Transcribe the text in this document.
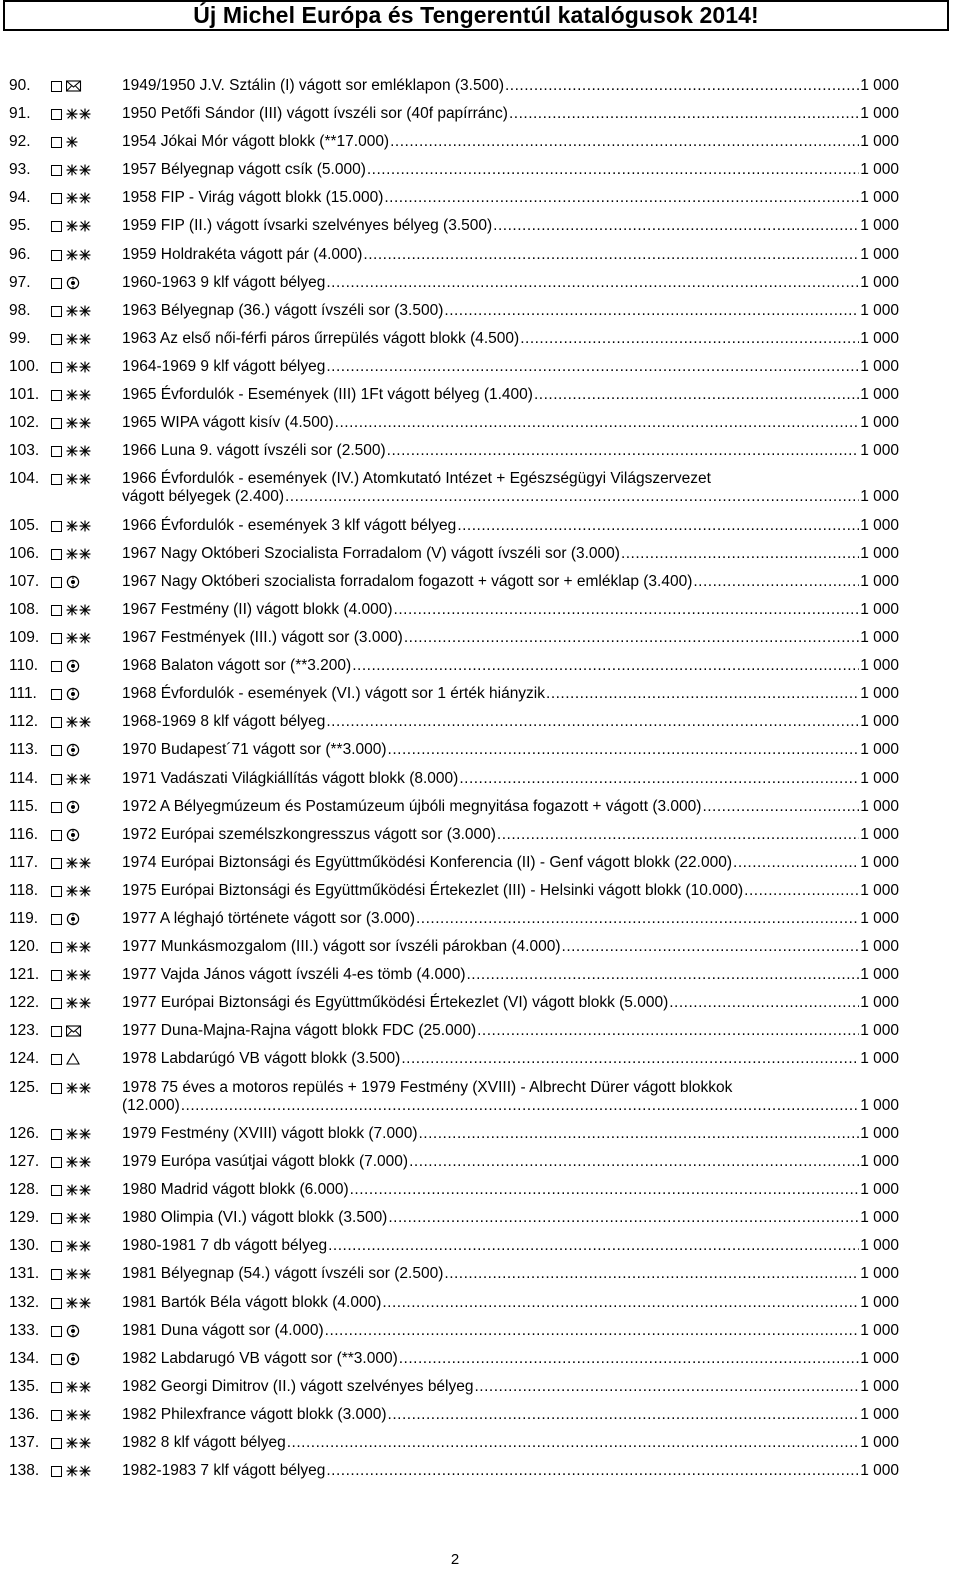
Új Michel Európa és Tengerentúl katalógusok 2014!
90.	1949/1950 J.V. Sztálin (I) vágott sor emléklapon (3.500) .....	1 000
91.	1950 Petőfi Sándor (III) vágott ívszéli sor (40f papírránc) .....	1 000
92.	1954 Jókai Mór vágott blokk (**17.000) .....	1 000
93.	1957 Bélyegnap vágott csík (5.000) .....	1 000
94.	1958 FIP - Virág vágott blokk (15.000) .....	1 000
95.	1959 FIP (II.) vágott ívsarki szelvényes bélyeg (3.500) .....	1 000
96.	1959 Holdrakéta vágott pár (4.000) .....	1 000
97.	1960-1963 9 klf vágott bélyeg .....	1 000
98.	1963 Bélyegnap (36.) vágott ívszéli sor (3.500) .....	1 000
99.	1963 Az első női-férfi páros űrrepülés vágott blokk (4.500) .....	1 000
100.	1964-1969 9 klf vágott bélyeg .....	1 000
101.	1965 Évfordulók - Események (III) 1Ft vágott bélyeg (1.400) .....	1 000
102.	1965 WIPA vágott kisív (4.500) .....	1 000
103.	1966 Luna 9. vágott ívszéli sor (2.500) .....	1 000
104.	1966 Évfordulók - események (IV.) Atomkutató Intézet + Egészségügyi Világszervezet
vágott bélyegek (2.400) .....	1 000
105.	1966 Évfordulók - események 3 klf vágott bélyeg .....	1 000
106.	1967 Nagy Októberi Szocialista Forradalom (V) vágott ívszéli sor (3.000) .....	1 000
107.	1967 Nagy Októberi szocialista forradalom fogazott + vágott sor + emléklap (3.400) .....	1 000
108.	1967 Festmény (II) vágott blokk (4.000) .....	1 000
109.	1967 Festmények (III.) vágott sor (3.000) .....	1 000
110.	1968 Balaton vágott sor (**3.200) .....	1 000
111.	1968 Évfordulók - események (VI.) vágott sor 1 érték hiányzik .....	1 000
112.	1968-1969 8 klf vágott bélyeg .....	1 000
113.	1970 Budapest´71 vágott sor (**3.000) .....	1 000
114.	1971 Vadászati Világkiállítás vágott blokk (8.000) .....	1 000
115.	1972 A Bélyegmúzeum és Postamúzeum újbóli megnyitása fogazott + vágott (3.000) .....	1 000
116.	1972 Európai személszkongresszus vágott sor (3.000) .....	1 000
117.	1974 Európai Biztonsági és Együttműködési Konferencia (II) - Genf vágott blokk (22.000) .....	1 000
118.	1975 Európai Biztonsági és Együttműködési Értekezlet (III) - Helsinki vágott blokk (10.000) .....	1 000
119.	1977 A léghajó története vágott sor (3.000) .....	1 000
120.	1977 Munkásmozgalom (III.) vágott sor ívszéli párokban (4.000) .....	1 000
121.	1977 Vajda János vágott ívszéli 4-es tömb (4.000) .....	1 000
122.	1977 Európai Biztonsági és Együttműködési Értekezlet (VI) vágott blokk (5.000) .....	1 000
123.	1977 Duna-Majna-Rajna vágott blokk FDC (25.000) .....	1 000
124.	1978 Labdarúgó VB vágott blokk (3.500) .....	1 000
125.	1978 75 éves a motoros repülés + 1979 Festmény (XVIII) - Albrecht Dürer vágott blokkok
(12.000) .....	1 000
126.	1979 Festmény (XVIII) vágott blokk (7.000) .....	1 000
127.	1979 Európa vasútjai vágott blokk (7.000) .....	1 000
128.	1980 Madrid vágott blokk (6.000) .....	1 000
129.	1980 Olimpia (VI.) vágott blokk (3.500) .....	1 000
130.	1980-1981 7 db vágott bélyeg .....	1 000
131.	1981 Bélyegnap (54.) vágott ívszéli sor (2.500) .....	1 000
132.	1981 Bartók Béla vágott blokk (4.000) .....	1 000
133.	1981 Duna vágott sor (4.000) .....	1 000
134.	1982 Labdarugó VB vágott sor (**3.000) .....	1 000
135.	1982 Georgi Dimitrov (II.) vágott szelvényes bélyeg .....	1 000
136.	1982 Philexfrance vágott blokk (3.000) .....	1 000
137.	1982 8 klf vágott bélyeg .....	1 000
138.	1982-1983 7 klf vágott bélyeg .....	1 000
2
